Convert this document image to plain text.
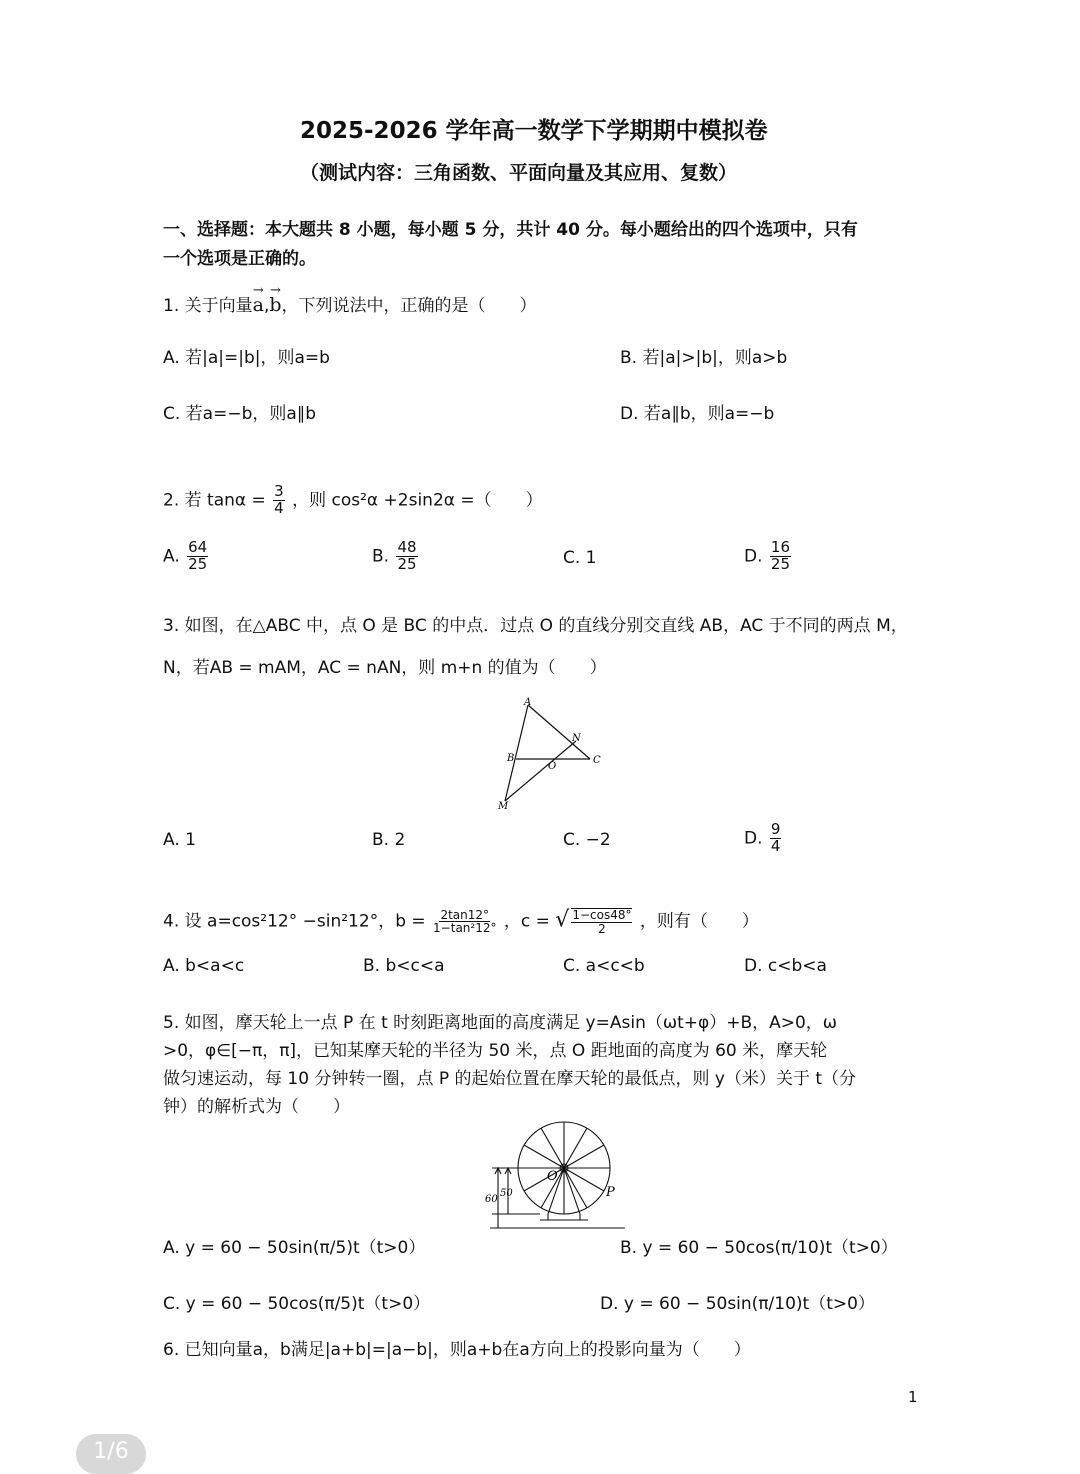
2025-2026 学年高一数学下学期期中模拟卷
（测试内容：三角函数、平面向量及其应用、复数）
一、选择题：本大题共 8 小题，每小题 5 分，共计 40 分。每小题给出的四个选项中，只有
一个选项是正确的。
1. 关于向量→ a,→ b，下列说法中，正确的是（　　）
A. 若|a|=|b|，则a=b	B. 若|a|>|b|，则a>b
C. 若a=−b，则a∥b	D. 若a∥b，则a=−b
2. 若 $\tan\alpha = \frac{3}{4}$ ，则 cos²α +2sin2α =（　　）
A. $\frac{64}{25}$	B. $\frac{48}{25}$	C. 1	D. $\frac{16}{25}$
3. 如图，在△ABC 中，点 O 是 BC 的中点．过点 O 的直线分别交直线 AB，AC 于不同的两点 M，
N，若AB = mAM，AC = nAN，则 m+n 的值为（　　）
A
B	C
O
M
N
A. 1	B. 2	C. −2	D. $\frac{9}{4}$
4. 设 a=cos²12° −sin²12°，$b = \frac{2\tan 12^\circ}{\text{1−tan²12°}}$ ，c = √ $\frac{1-\cos 48^\circ}{2}$ ，则有（　　）
A. b<a<c	B. b<c<a	C. a<c<b	D. c<b<a
5. 如图，摩天轮上一点 P 在 t 时刻距离地面的高度满足 y=Asin（ωt+φ）+B，A>0，ω
>0，φ∈[−π，π]，已知某摩天轮的半径为 50 米，点 O 距地面的高度为 60 米，摩天轮
做匀速运动，每 10 分钟转一圈，点 P 的起始位置在摩天轮的最低点，则 y（米）关于 t（分
钟）的解析式为（　　）
O
P
50
60
A. y = 60 − 50sin(π/5)t（t>0）	B. y = 60 − 50cos(π/10)t（t>0）
C. y = 60 − 50cos(π/5)t（t>0）	D. y = 60 − 50sin(π/10)t（t>0）
6. 已知向量a，b满足|a+b|=|a−b|，则a+b在a方向上的投影向量为（　　）
1
1/6
